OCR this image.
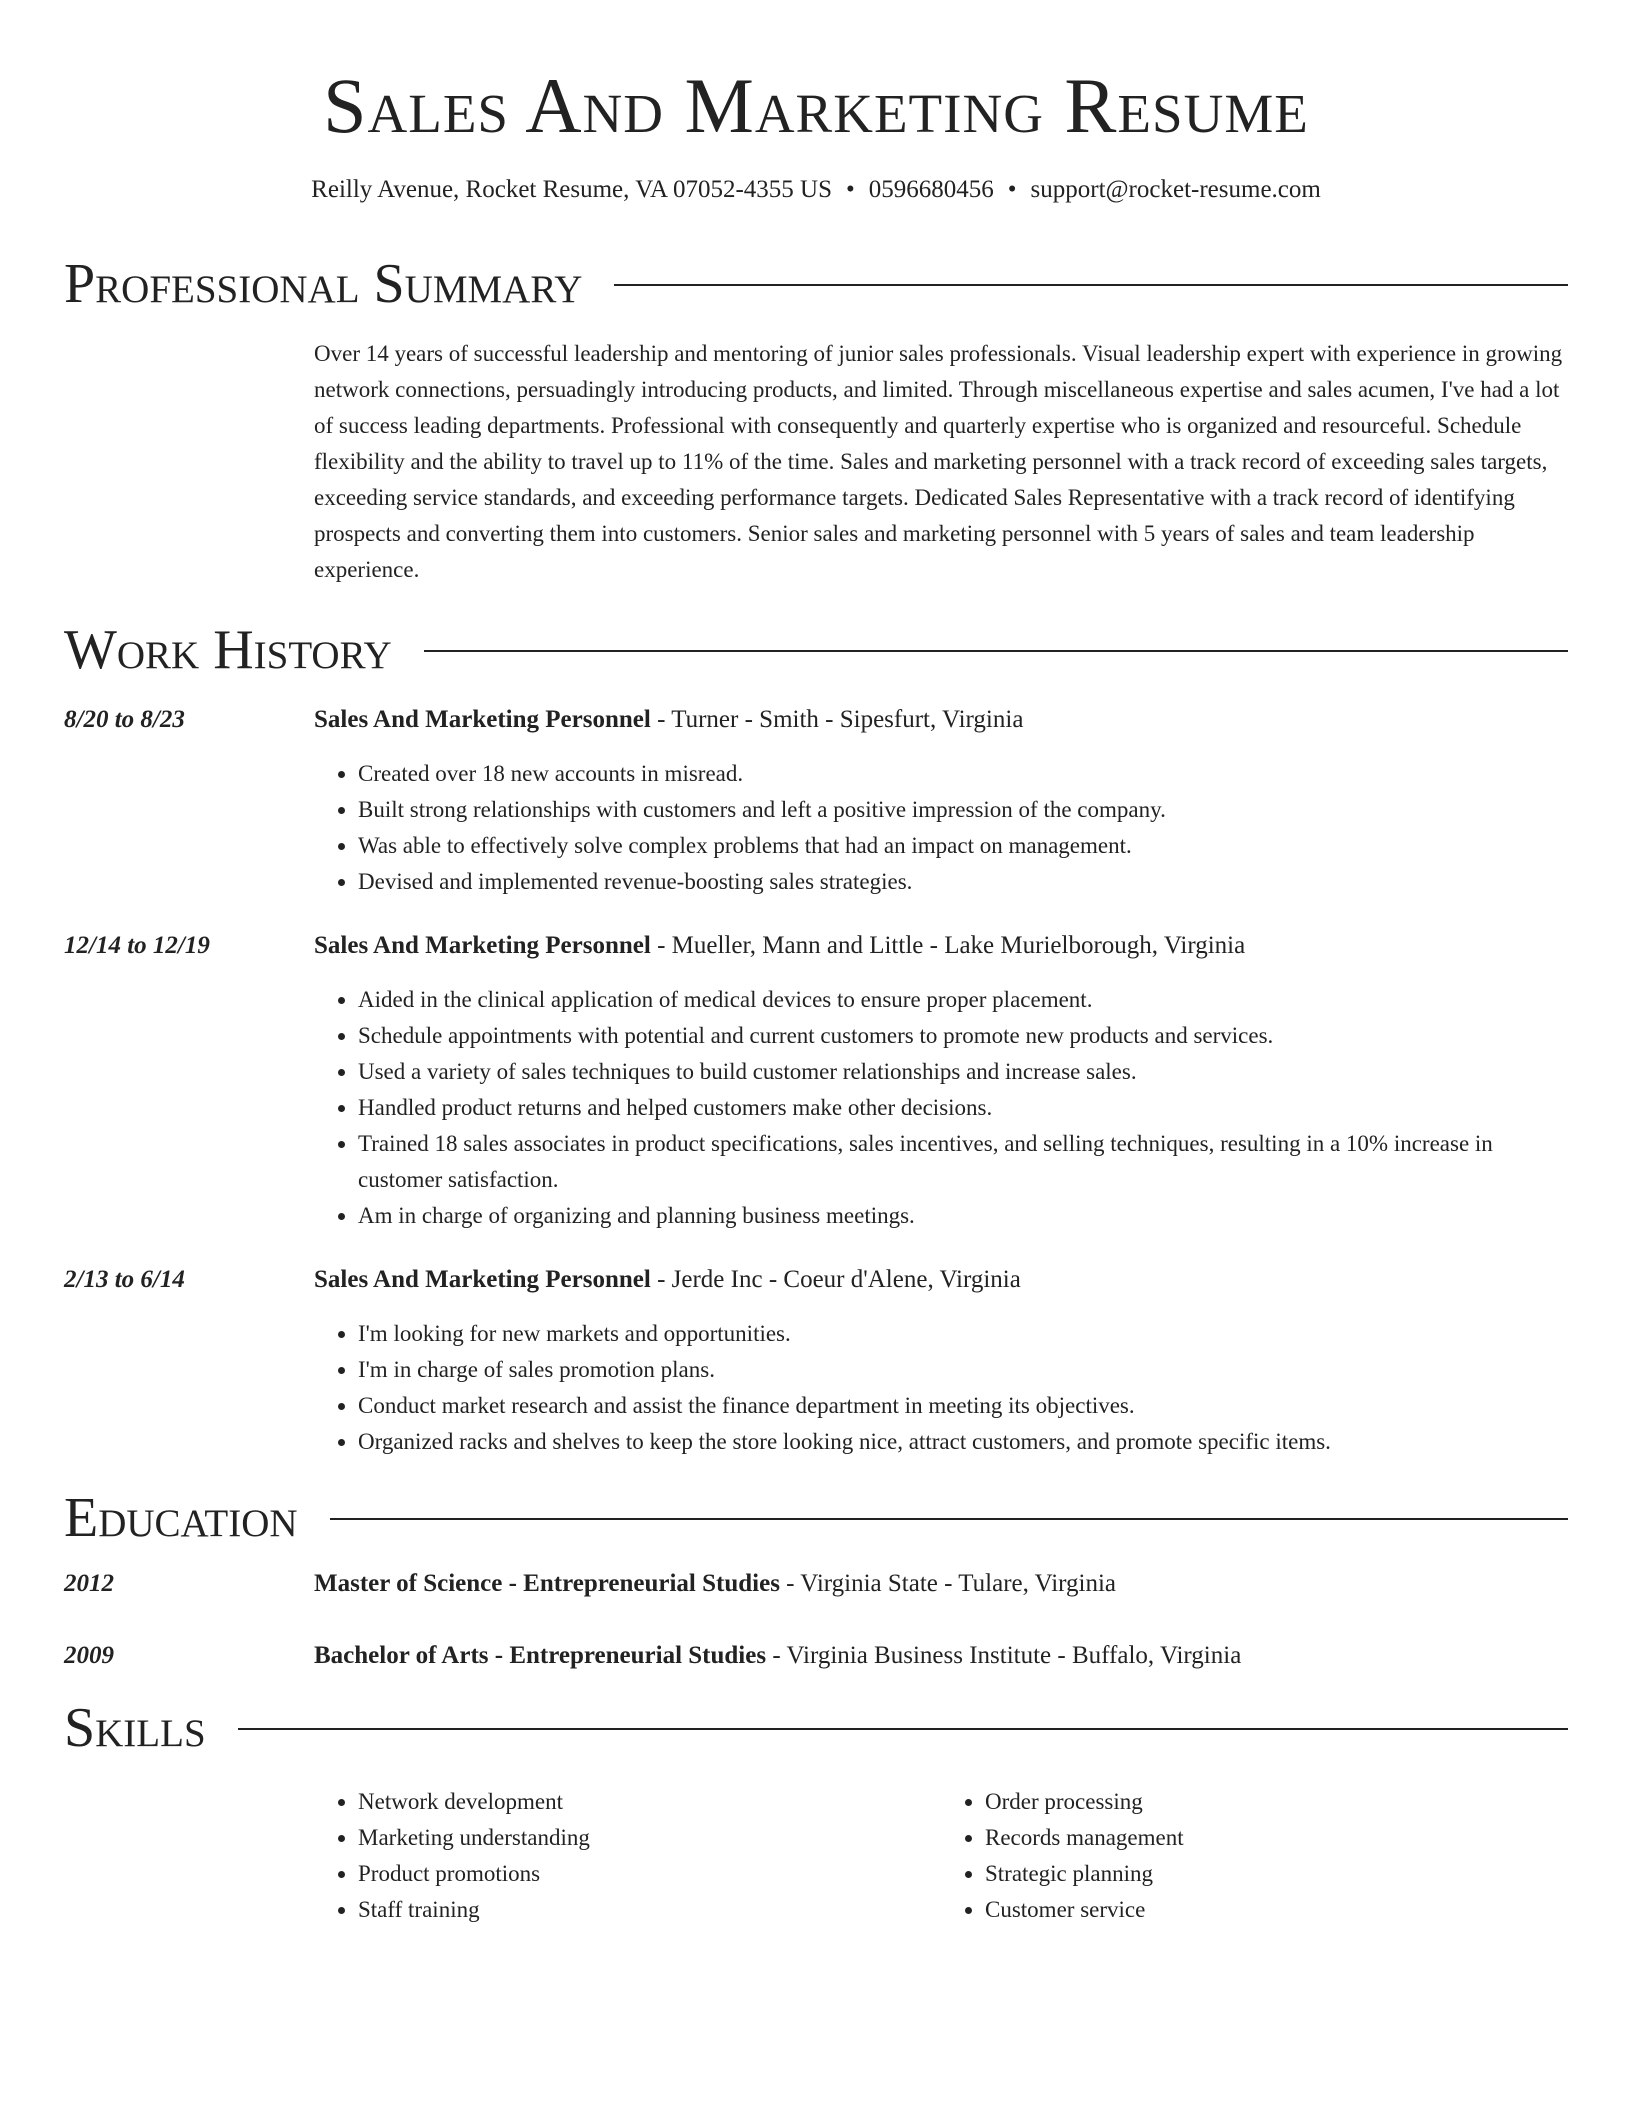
Sales And Marketing Resume
Reilly Avenue, Rocket Resume, VA 07052-4355 US • 0596680456 • support@rocket-resume.com
Professional Summary
Over 14 years of successful leadership and mentoring of junior sales professionals. Visual leadership expert with experience in growing network connections, persuadingly introducing products, and limited. Through miscellaneous expertise and sales acumen, I've had a lot of success leading departments. Professional with consequently and quarterly expertise who is organized and resourceful. Schedule flexibility and the ability to travel up to 11% of the time. Sales and marketing personnel with a track record of exceeding sales targets, exceeding service standards, and exceeding performance targets. Dedicated Sales Representative with a track record of identifying prospects and converting them into customers. Senior sales and marketing personnel with 5 years of sales and team leadership experience.
Work History
8/20 to 8/23	Sales And Marketing Personnel - Turner - Smith - Sipesfurt, Virginia
• Created over 18 new accounts in misread.
• Built strong relationships with customers and left a positive impression of the company.
• Was able to effectively solve complex problems that had an impact on management.
• Devised and implemented revenue-boosting sales strategies.
12/14 to 12/19	Sales And Marketing Personnel - Mueller, Mann and Little - Lake Murielborough, Virginia
• Aided in the clinical application of medical devices to ensure proper placement.
• Schedule appointments with potential and current customers to promote new products and services.
• Used a variety of sales techniques to build customer relationships and increase sales.
• Handled product returns and helped customers make other decisions.
• Trained 18 sales associates in product specifications, sales incentives, and selling techniques, resulting in a 10% increase in customer satisfaction.
• Am in charge of organizing and planning business meetings.
2/13 to 6/14	Sales And Marketing Personnel - Jerde Inc - Coeur d'Alene, Virginia
• I'm looking for new markets and opportunities.
• I'm in charge of sales promotion plans.
• Conduct market research and assist the finance department in meeting its objectives.
• Organized racks and shelves to keep the store looking nice, attract customers, and promote specific items.
Education
2012	Master of Science - Entrepreneurial Studies - Virginia State - Tulare, Virginia
2009	Bachelor of Arts - Entrepreneurial Studies - Virginia Business Institute - Buffalo, Virginia
Skills
• Network development
• Marketing understanding
• Product promotions
• Staff training
• Order processing
• Records management
• Strategic planning
• Customer service
